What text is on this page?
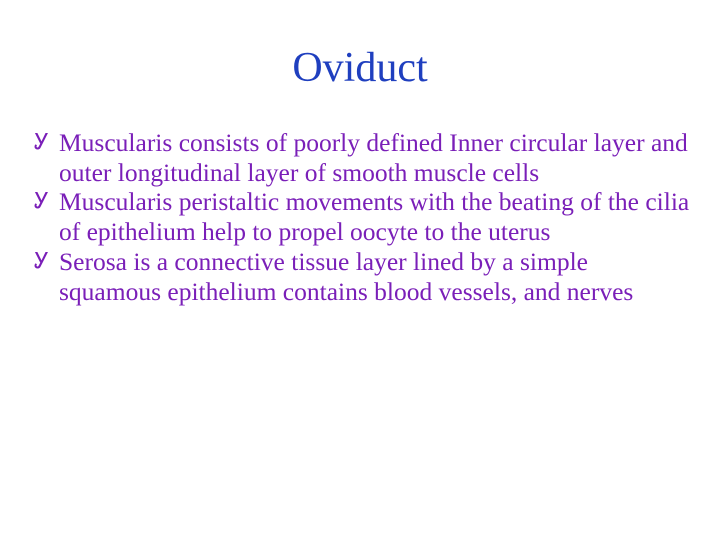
Oviduct
Ꭹ Muscularis consists of poorly defined Inner circular layer and outer longitudinal layer of smooth muscle cells
Ꭹ Muscularis peristaltic movements with the beating of the cilia of epithelium help to propel oocyte to the uterus
Ꭹ Serosa is a connective tissue layer lined by a simple squamous epithelium contains blood vessels, and nerves
